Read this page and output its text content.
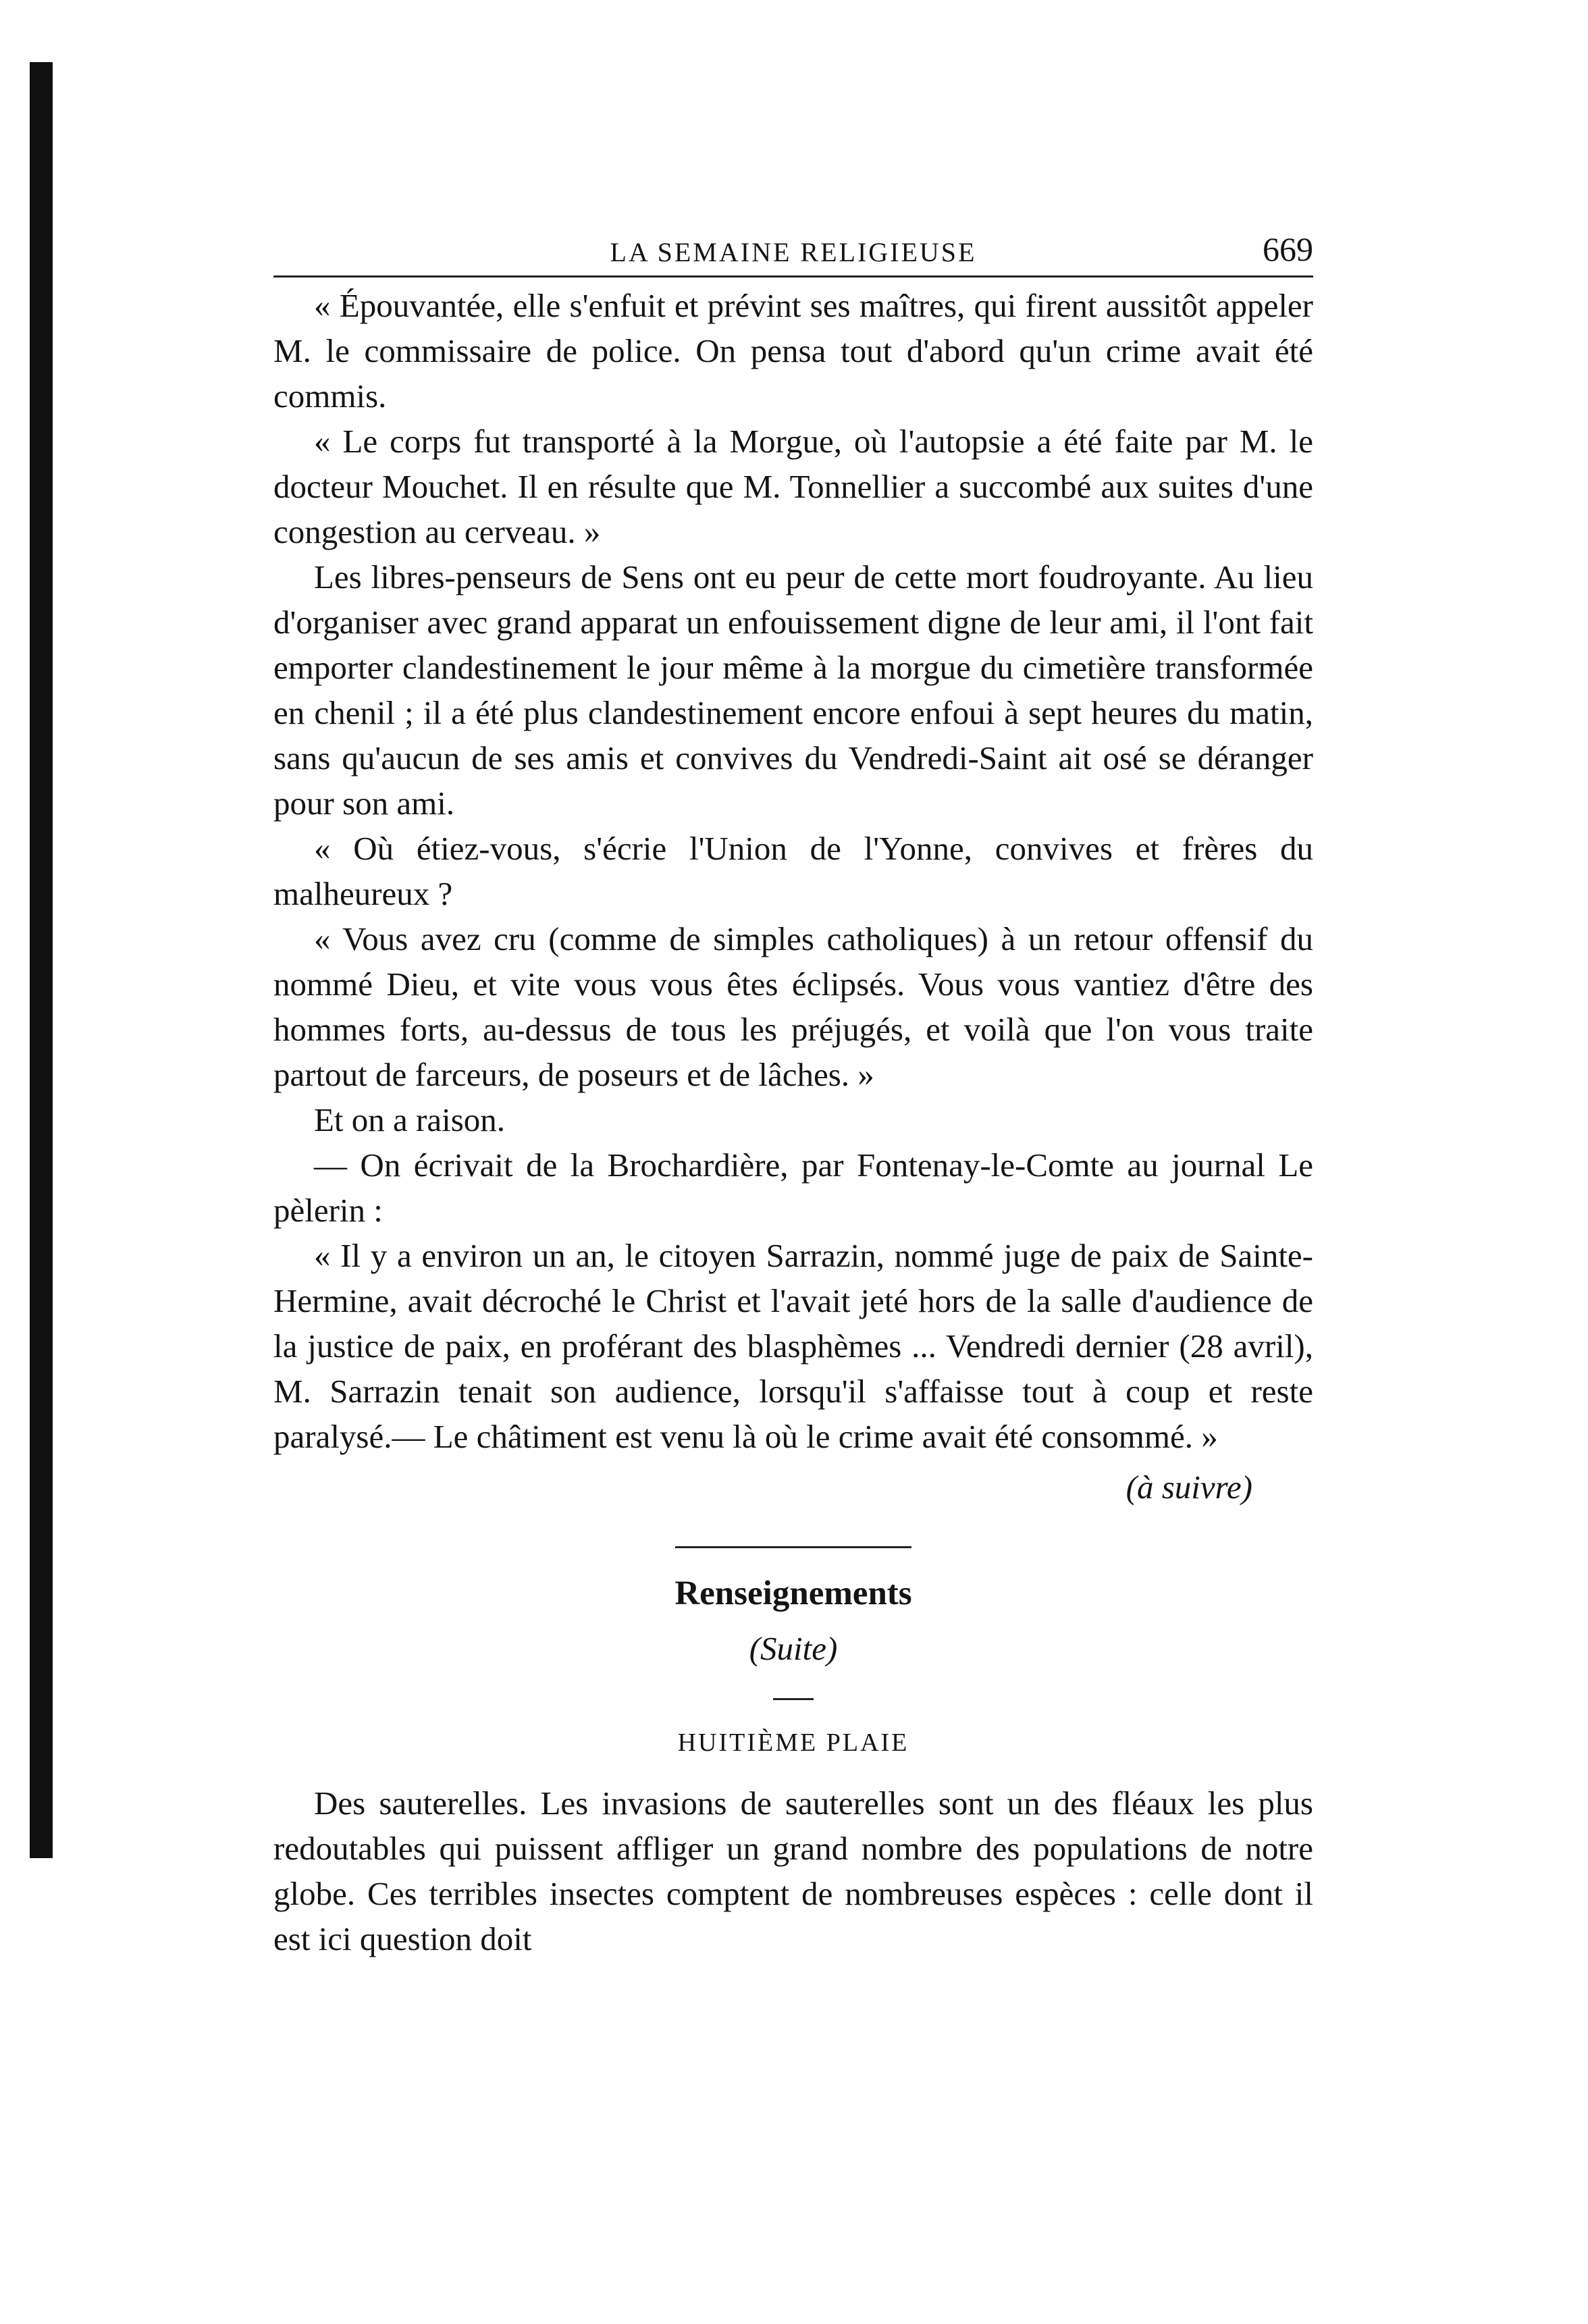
LA SEMAINE RELIGIEUSE	669

« Épouvantée, elle s'enfuit et prévint ses maîtres, qui firent aussitôt appeler M. le commissaire de police. On pensa tout d'abord qu'un crime avait été commis.

« Le corps fut transporté à la Morgue, où l'autopsie a été faite par M. le docteur Mouchet. Il en résulte que M. Tonnellier a succombé aux suites d'une congestion au cerveau. »

Les libres-penseurs de Sens ont eu peur de cette mort foudroyante. Au lieu d'organiser avec grand apparat un enfouissement digne de leur ami, il l'ont fait emporter clandestinement le jour même à la morgue du cimetière transformée en chenil ; il a été plus clandestinement encore enfoui à sept heures du matin, sans qu'aucun de ses amis et convives du Vendredi-Saint ait osé se déranger pour son ami.

« Où étiez-vous, s'écrie l'Union de l'Yonne, convives et frères du malheureux ?

« Vous avez cru (comme de simples catholiques) à un retour offensif du nommé Dieu, et vite vous vous êtes éclipsés. Vous vous vantiez d'être des hommes forts, au-dessus de tous les préjugés, et voilà que l'on vous traite partout de farceurs, de poseurs et de lâches. »

Et on a raison.

— On écrivait de la Brochardière, par Fontenay-le-Comte au journal Le pèlerin :

« Il y a environ un an, le citoyen Sarrazin, nommé juge de paix de Sainte-Hermine, avait décroché le Christ et l'avait jeté hors de la salle d'audience de la justice de paix, en proférant des blasphèmes ... Vendredi dernier (28 avril), M. Sarrazin tenait son audience, lorsqu'il s'affaisse tout à coup et reste paralysé.— Le châtiment est venu là où le crime avait été consommé. »

(à suivre)
Renseignements
(Suite)
HUITIÈME PLAIE

Des sauterelles. Les invasions de sauterelles sont un des fléaux les plus redoutables qui puissent affliger un grand nombre des populations de notre globe. Ces terribles insectes comptent de nombreuses espèces : celle dont il est ici question doit
